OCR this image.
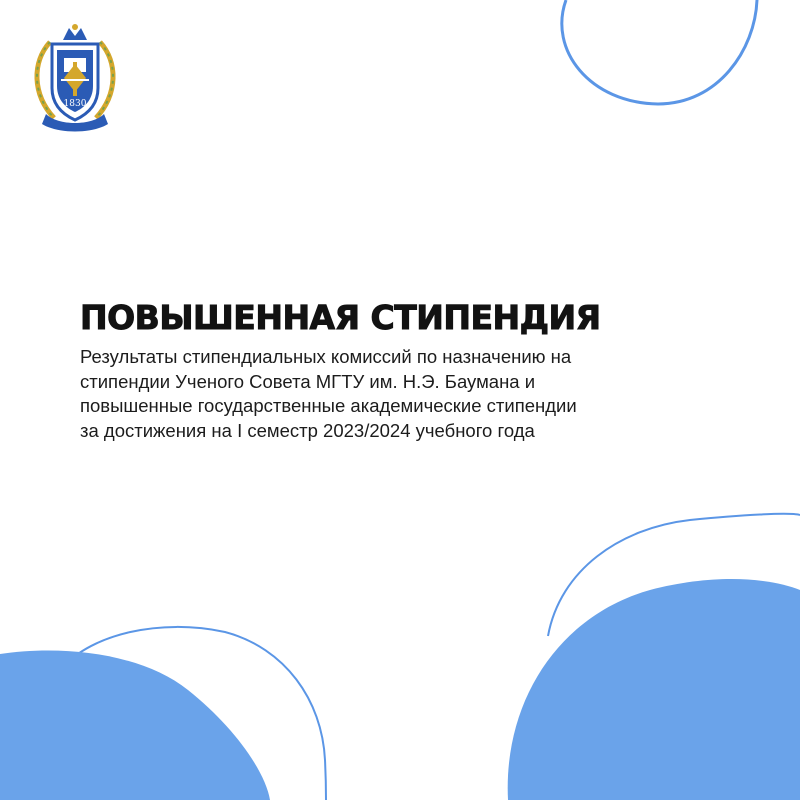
1830
ПОВЫШЕННАЯ СТИПЕНДИЯ

Результаты стипендиальных комиссий по назначению на
стипендии Ученого Совета МГТУ им. Н.Э. Баумана и
повышенные государственные академические стипендии
за достижения на I семестр 2023/2024 учебного года
